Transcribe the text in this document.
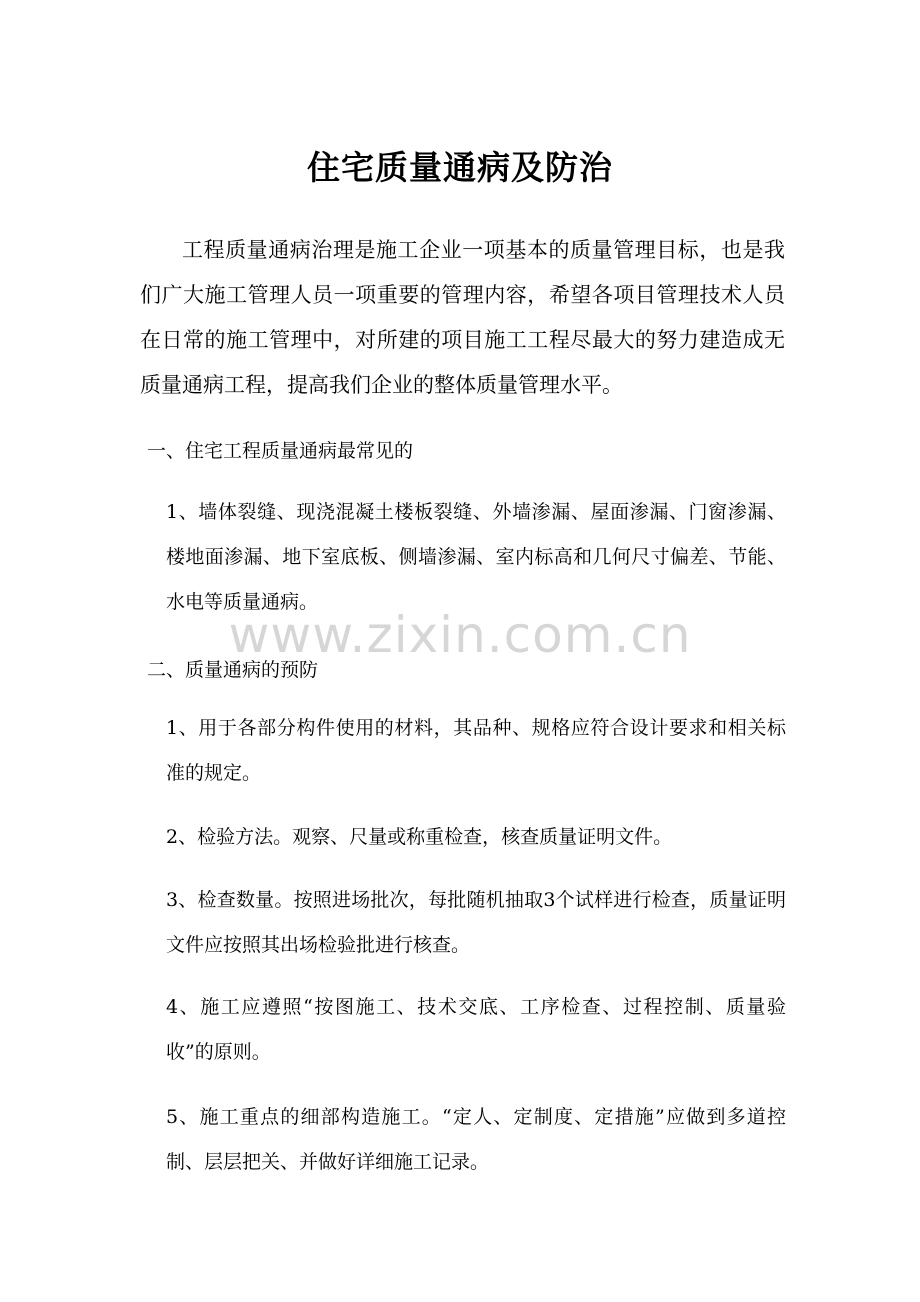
住宅质量通病及防治
工程质量通病治理是施工企业一项基本的质量管理目标，也是我们广大施工管理人员一项重要的管理内容，希望各项目管理技术人员在日常的施工管理中，对所建的项目施工工程尽最大的努力建造成无质量通病工程，提高我们企业的整体质量管理水平。
一、住宅工程质量通病最常见的
1、墙体裂缝、现浇混凝土楼板裂缝、外墙渗漏、屋面渗漏、门窗渗漏、楼地面渗漏、地下室底板、侧墙渗漏、室内标高和几何尺寸偏差、节能、水电等质量通病。
www.zixin.com.cn
二、质量通病的预防
1、用于各部分构件使用的材料，其品种、规格应符合设计要求和相关标准的规定。
2、检验方法。观察、尺量或称重检查，核查质量证明文件。
3、检查数量。按照进场批次，每批随机抽取3个试样进行检查，质量证明文件应按照其出场检验批进行核查。
4、施工应遵照“按图施工、技术交底、工序检查、过程控制、质量验收”的原则。
5、施工重点的细部构造施工。“定人、定制度、定措施”应做到多道控制、层层把关、并做好详细施工记录。
